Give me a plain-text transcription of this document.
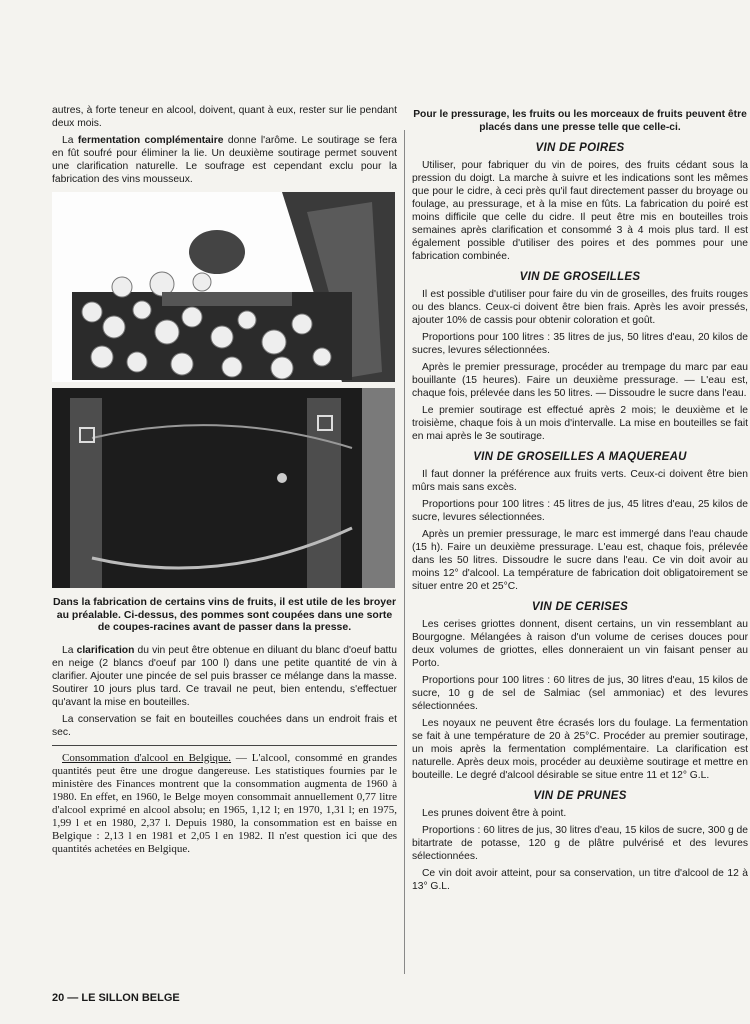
autres, à forte teneur en alcool, doivent, quant à eux, rester sur lie pendant deux mois.

La fermentation complémentaire donne l'arôme. Le soutirage se fera en fût soufré pour éliminer la lie. Un deuxième soutirage permet souvent une clarification naturelle. Le soufrage est cependant exclu pour la fabrication des vins mousseux.

Dans la fabrication de certains vins de fruits, il est utile de les broyer au préalable. Ci-dessus, des pommes sont coupées dans une sorte de coupes-racines avant de passer dans la presse.

La clarification du vin peut être obtenue en diluant du blanc d'oeuf battu en neige (2 blancs d'oeuf par 100 l) dans une petite quantité de vin à clarifier. Ajouter une pincée de sel puis brasser ce mélange dans la masse. Soutirer 10 jours plus tard. Ce travail ne peut, bien entendu, s'effectuer qu'avant la mise en bouteilles.

La conservation se fait en bouteilles couchées dans un endroit frais et sec.

Consommation d'alcool en Belgique. — L'alcool, consommé en grandes quantités peut être une drogue dangereuse. Les statistiques fournies par le ministère des Finances montrent que la consommation augmenta de 1960 à 1980. En effet, en 1960, le Belge moyen consommait annuellement 0,77 litre d'alcool exprimé en alcool absolu; en 1965, 1,12 l; en 1970, 1,31 l; en 1975, 1,99 l et en 1980, 2,37 l. Depuis 1980, la consommation est en baisse en Belgique : 2,13 l en 1981 et 2,05 l en 1982. Il n'est question ici que des quantités achetées en Belgique.

Pour le pressurage, les fruits ou les morceaux de fruits peuvent être placés dans une presse telle que celle-ci.

VIN DE POIRES

Utiliser, pour fabriquer du vin de poires, des fruits cédant sous la pression du doigt. La marche à suivre et les indications sont les mêmes que pour le cidre, à ceci près qu'il faut directement passer du broyage ou foulage, au pressurage, et à la mise en fûts. La fabrication du poiré est moins difficile que celle du cidre. Il peut être mis en bouteilles trois semaines après clarification et consommé 3 à 4 mois plus tard. Il est également possible d'utiliser des poires et des pommes pour une fabrication combinée.

VIN DE GROSEILLES

Il est possible d'utiliser pour faire du vin de groseilles, des fruits rouges ou des blancs. Ceux-ci doivent être bien frais. Après les avoir pressés, ajouter 10% de cassis pour obtenir coloration et goût.

Proportions pour 100 litres : 35 litres de jus, 50 litres d'eau, 20 kilos de sucres, levures sélectionnées.

Après le premier pressurage, procéder au trempage du marc par eau bouillante (15 heures). Faire un deuxième pressurage. — L'eau est, chaque fois, prélevée dans les 50 litres. — Dissoudre le sucre dans l'eau.

Le premier soutirage est effectué après 2 mois; le deuxième et le troisième, chaque fois à un mois d'intervalle. La mise en bouteilles se fait en mai après le 3e soutirage.

VIN DE GROSEILLES A MAQUEREAU

Il faut donner la préférence aux fruits verts. Ceux-ci doivent être bien mûrs mais sans excès.

Proportions pour 100 litres : 45 litres de jus, 45 litres d'eau, 25 kilos de sucre, levures sélectionnées.

Après un premier pressurage, le marc est immergé dans l'eau chaude (15 h). Faire un deuxième pressurage. L'eau est, chaque fois, prélevée dans les 50 litres. Dissoudre le sucre dans l'eau. Ce vin doit avoir au moins 12° d'alcool. La température de fabrication doit obligatoirement se situer entre 20 et 25°C.

VIN DE CERISES

Les cerises griottes donnent, disent certains, un vin ressemblant au Bourgogne. Mélangées à raison d'un volume de cerises douces pour deux volumes de griottes, elles donneraient un vin faisant penser au Porto.

Proportions pour 100 litres : 60 litres de jus, 30 litres d'eau, 15 kilos de sucre, 10 g de sel de Salmiac (sel ammoniac) et des levures sélectionnées.

Les noyaux ne peuvent être écrasés lors du foulage. La fermentation se fait à une température de 20 à 25°C. Procéder au premier soutirage, un mois après la fermentation complémentaire. La clarification est naturelle. Après deux mois, procéder au deuxième soutirage et mettre en bouteille. Le degré d'alcool désirable se situe entre 11 et 12° G.L.

VIN DE PRUNES

Les prunes doivent être à point.

Proportions : 60 litres de jus, 30 litres d'eau, 15 kilos de sucre, 300 g de bitartrate de potasse, 120 g de plâtre pulvérisé et des levures sélectionnées.

Ce vin doit avoir atteint, pour sa conservation, un titre d'alcool de 12 à 13° G.L.

20 — LE SILLON BELGE
